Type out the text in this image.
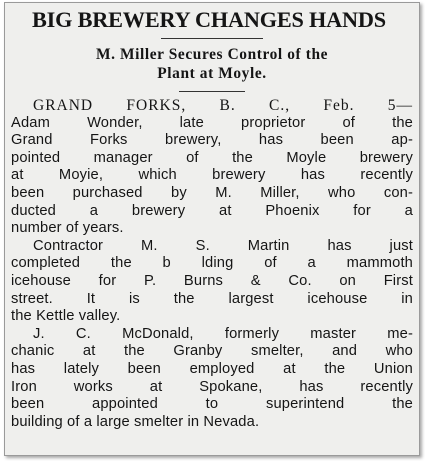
BIG BREWERY CHANGES HANDS
M. Miller Secures Control of the
Plant at Moyle.

GRAND FORKS, B. C., Feb. 5—
Adam Wonder, late proprietor of the
Grand Forks brewery, has been ap-
pointed manager of the Moyle brewery
at Moyie, which brewery has recently
been purchased by M. Miller, who con-
ducted a brewery at Phoenix for a
number of years.

Contractor M. S. Martin has just
completed the b lding of a mammoth
icehouse for P. Burns & Co. on First
street. It is the largest icehouse in
the Kettle valley.

J. C. McDonald, formerly master me-
chanic at the Granby smelter, and who
has lately been employed at the Union
Iron works at Spokane, has recently
been appointed to superintend the
building of a large smelter in Nevada.
